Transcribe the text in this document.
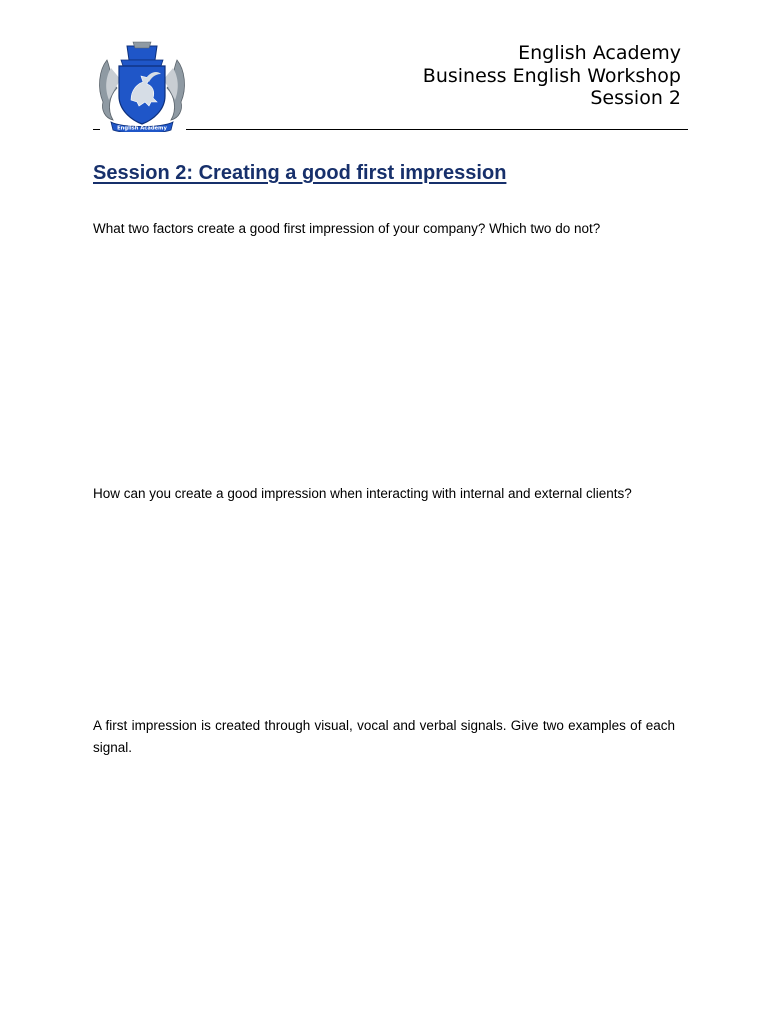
English Academy
English Academy
Business English Workshop
Session 2
Session 2: Creating a good first impression
What two factors create a good first impression of your company? Which two do not?
How can you create a good impression when interacting with internal and external clients?
A first impression is created through visual, vocal and verbal signals. Give two examples of each signal.
